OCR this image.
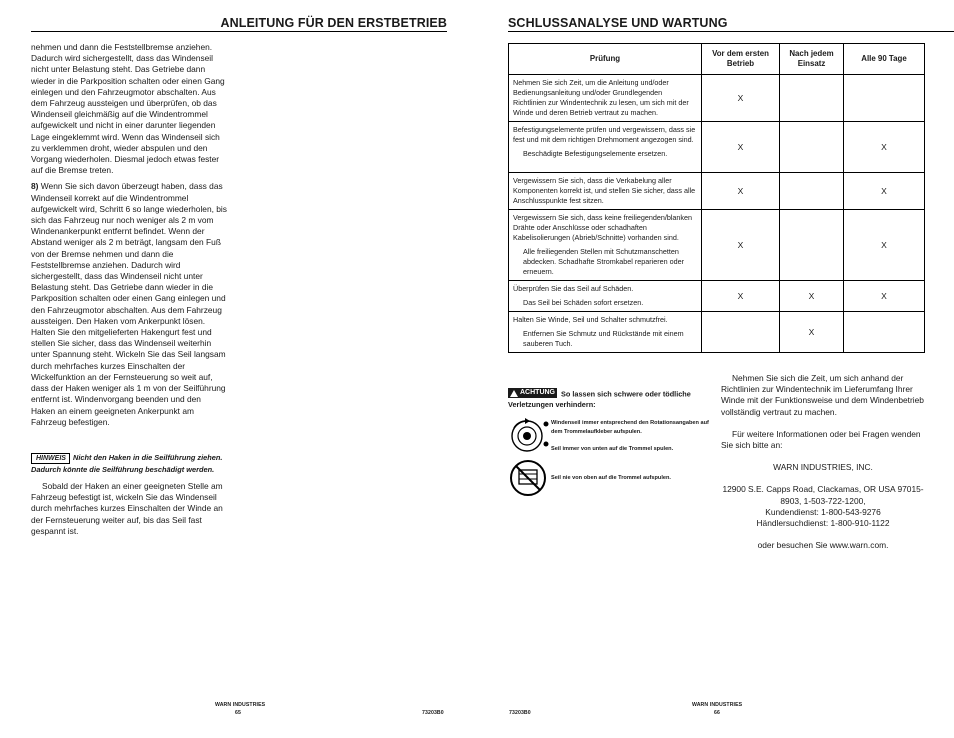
ANLEITUNG FÜR DEN ERSTBETRIEB

nehmen und dann die Feststellbremse anziehen. Dadurch wird sichergestellt, dass das Windenseil nicht unter Belastung steht. Das Getriebe dann wieder in die Parkposition schalten oder einen Gang einlegen und den Fahrzeugmotor abschalten. Aus dem Fahrzeug aussteigen und überprüfen, ob das Windenseil gleichmäßig auf die Windentrommel aufgewickelt und nicht in einer darunter liegenden Lage eingeklemmt wird. Wenn das Windenseil sich zu verklemmen droht, wieder abspulen und den Vorgang wiederholen. Diesmal jedoch etwas fester auf die Bremse treten.

8) Wenn Sie sich davon überzeugt haben, dass das Windenseil korrekt auf die Windentrommel aufgewickelt wird, Schritt 6 so lange wiederholen, bis sich das Fahrzeug nur noch weniger als 2 m vom Windenankerpunkt entfernt befindet. Wenn der Abstand weniger als 2 m beträgt, langsam den Fuß von der Bremse nehmen und dann die Feststellbremse anziehen. Dadurch wird sichergestellt, dass das Windenseil nicht unter Belastung steht. Das Getriebe dann wieder in die Parkposition schalten oder einen Gang einlegen und den Fahrzeugmotor abschalten. Aus dem Fahrzeug aussteigen. Den Haken vom Ankerpunkt lösen. Halten Sie den mitgelieferten Hakengurt fest und stellen Sie sicher, dass das Windenseil weiterhin unter Spannung steht. Wickeln Sie das Seil langsam durch mehrfaches kurzes Einschalten der Wickelfunktion an der Fernsteuerung so weit auf, dass der Haken weniger als 1 m von der Seilführung entfernt ist. Windenvorgang beenden und den Haken an einem geeigneten Ankerpunkt am Fahrzeug befestigen.

HINWEIS Nicht den Haken in die Seilführung ziehen. Dadurch könnte die Seilführung beschädigt werden.

Sobald der Haken an einer geeigneten Stelle am Fahrzeug befestigt ist, wickeln Sie das Windenseil durch mehrfaches kurzes Einschalten der Winde an der Fernsteuerung weiter auf, bis das Seil fast gespannt ist.

WARN INDUSTRIES
65	73203B0
SCHLUSSANALYSE UND WARTUNG
Prüfung	Vor dem ersten Betrieb	Nach jedem Einsatz	Alle 90 Tage

Nehmen Sie sich Zeit, um die Anleitung und/oder Bedienungsanleitung und/oder Grundlegenden Richtlinien zur Windentechnik zu lesen, um sich mit der Winde und deren Betrieb vertraut zu machen.	X		

Befestigungselemente prüfen und vergewissern, dass sie fest und mit dem richtigen Drehmoment angezogen sind.
Beschädigte Befestigungselemente ersetzen.	X		X

Vergewissern Sie sich, dass die Verkabelung aller Komponenten korrekt ist, und stellen Sie sicher, dass alle Anschlusspunkte fest sitzen.	X		X

Vergewissern Sie sich, dass keine freiliegenden/blanken Drähte oder Anschlüsse oder schadhaften Kabelisolierungen (Abrieb/Schnitte) vorhanden sind.
Alle freiliegenden Stellen mit Schutzmanschetten abdecken. Schadhafte Stromkabel reparieren oder erneuern.	X		X

Überprüfen Sie das Seil auf Schäden.
Das Seil bei Schäden sofort ersetzen.	X	X	X

Halten Sie Winde, Seil und Schalter schmutzfrei.
Entfernen Sie Schmutz und Rückstände mit einem sauberen Tuch.		X	
ACHTUNG So lassen sich schwere oder tödliche Verletzungen verhindern:
Windenseil immer entsprechend den Rotationsangaben auf dem Trommelaufkleber aufspulen.
Seil immer von unten auf die Trommel spulen.
Seil nie von oben auf die Trommel aufspulen.

Nehmen Sie sich die Zeit, um sich anhand der Richtlinien zur Windentechnik im Lieferumfang Ihrer Winde mit der Funktionsweise und dem Windenbetrieb vollständig vertraut zu machen.

Für weitere Informationen oder bei Fragen wenden Sie sich bitte an:

WARN INDUSTRIES, INC.

12900 S.E. Capps Road, Clackamas, OR USA 97015-8903, 1-503-722-1200,
Kundendienst: 1-800-543-9276
Händlersuchdienst: 1-800-910-1122

oder besuchen Sie www.warn.com.

73203B0
WARN INDUSTRIES
66
